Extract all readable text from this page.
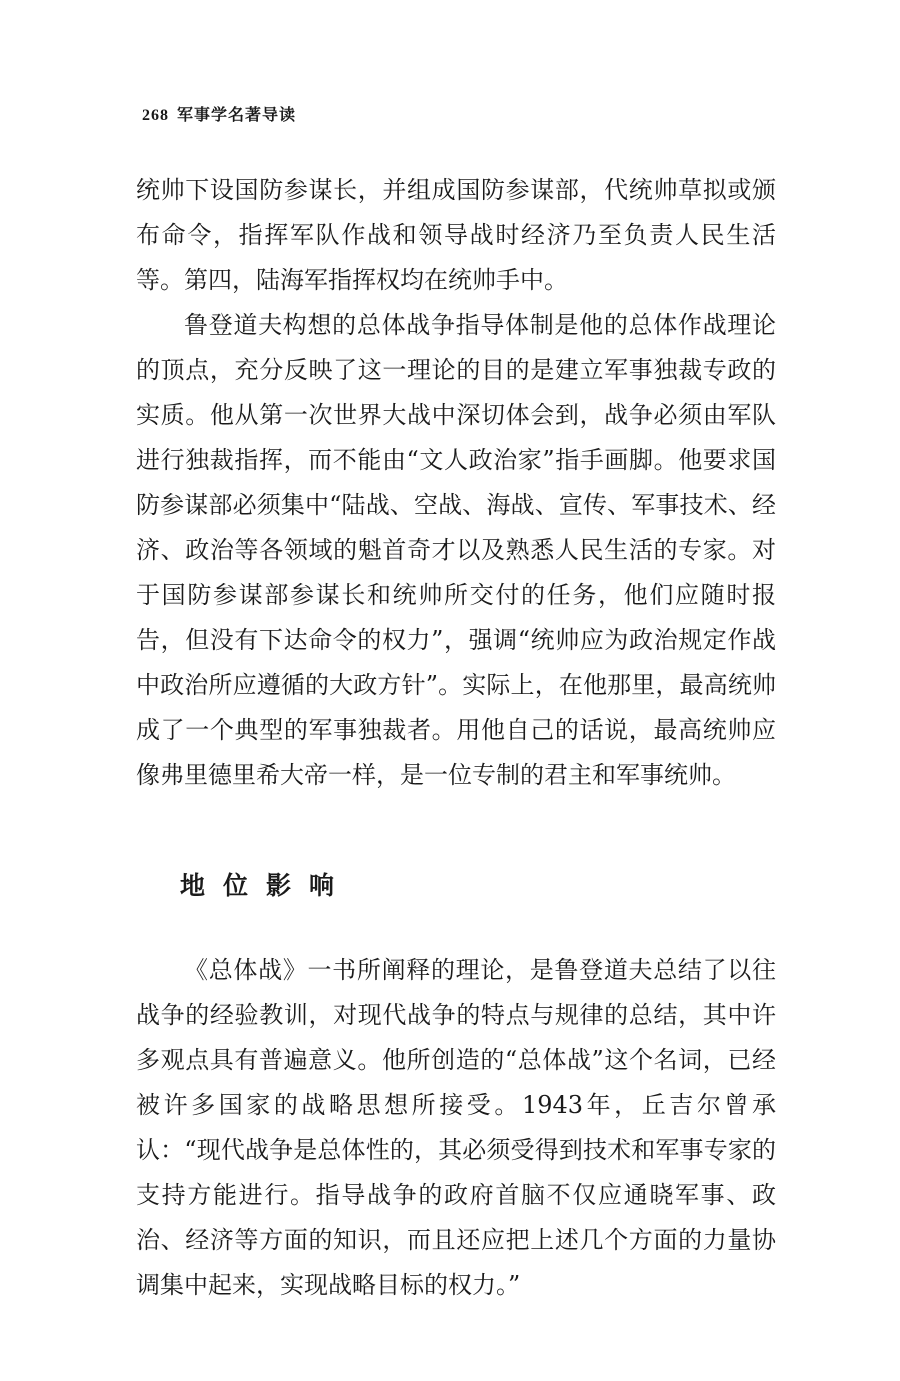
268 军事学名著导读

统帅下设国防参谋长，并组成国防参谋部，代统帅草拟或颁布命令，指挥军队作战和领导战时经济乃至负责人民生活等。第四，陆海军指挥权均在统帅手中。

鲁登道夫构想的总体战争指导体制是他的总体作战理论的顶点，充分反映了这一理论的目的是建立军事独裁专政的实质。他从第一次世界大战中深切体会到，战争必须由军队进行独裁指挥，而不能由“文人政治家”指手画脚。他要求国防参谋部必须集中“陆战、空战、海战、宣传、军事技术、经济、政治等各领域的魁首奇才以及熟悉人民生活的专家。对于国防参谋部参谋长和统帅所交付的任务，他们应随时报告，但没有下达命令的权力”，强调“统帅应为政治规定作战中政治所应遵循的大政方针”。实际上，在他那里，最高统帅成了一个典型的军事独裁者。用他自己的话说，最高统帅应像弗里德里希大帝一样，是一位专制的君主和军事统帅。

地位影响

《总体战》一书所阐释的理论，是鲁登道夫总结了以往战争的经验教训，对现代战争的特点与规律的总结，其中许多观点具有普遍意义。他所创造的“总体战”这个名词，已经被许多国家的战略思想所接受。1943年，丘吉尔曾承认：“现代战争是总体性的，其必须受得到技术和军事专家的支持方能进行。指导战争的政府首脑不仅应通晓军事、政治、经济等方面的知识，而且还应把上述几个方面的力量协调集中起来，实现战略目标的权力。”
